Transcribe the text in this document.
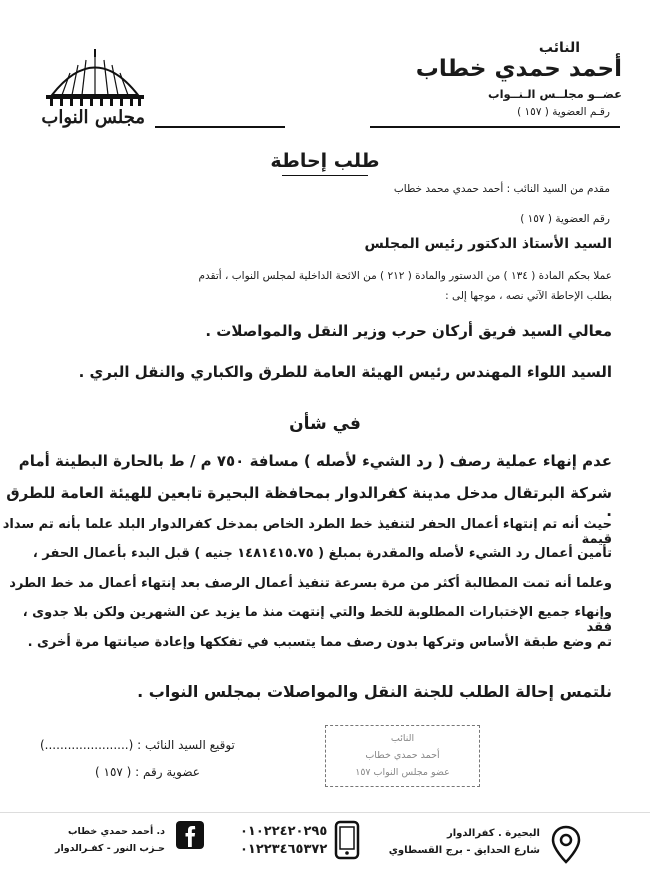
النائب
أحمد حمدي خطاب
عضــو مجلــس الـنــواب
رقـم العضوية ( ١٥٧ )
مجلس النواب
طلب إحاطة
مقدم من السيد النائب : أحمد حمدي محمد خطاب
رقم العضوية ( ١٥٧ )
السيد الأستاذ الدكتور رئيس المجلس
عملا بحكم المادة ( ١٣٤ ) من الدستور والمادة ( ٢١٢ ) من الائحة الداخلية لمجلس النواب ، أتقدم
بطلب الإحاطة الآتي نصه ، موجها إلى :
معالي السيد فريق أركان حرب وزير النقل والمواصلات .
السيد اللواء المهندس رئيس الهيئة العامة للطرق والكباري والنقل البري .
في شأن
عدم إنهاء عملية رصف ( رد الشيء لأصله ) مسافة ٧٥٠ م / ط بالحارة البطينة أمام
شركة البرتقال مدخل مدينة كفرالدوار بمحافظة البحيرة تابعين للهيئة العامة للطرق .
حيث أنه تم إنتهاء أعمال الحفر لتنفيذ خط الطرد الخاص بمدخل كفرالدوار البلد علما بأنه تم سداد قيمة
تأمين أعمال رد الشيء لأصله والمقدرة بمبلغ ( ١٤٨١٤١٥.٧٥ جنيه ) قبل البدء بأعمال الحفر ،
وعلما أنه تمت المطالبة أكثر من مرة بسرعة تنفيذ أعمال الرصف بعد إنتهاء أعمال مد خط الطرد
وإنهاء جميع الإختبارات المطلوبة للخط والتي إنتهت منذ ما يزيد عن الشهرين ولكن بلا جدوى ، فقد
تم وضع طبقة الأساس وتركها بدون رصف مما يتسبب في تفككها وإعادة صيانتها مرة أخرى .
نلتمس إحالة الطلب للجنة النقل والمواصلات بمجلس النواب .
توقيع السيد النائب : (......................)
عضوية رقم : ( ١٥٧ )
النائب
أحمد حمدي خطاب
عضو مجلس النواب ١٥٧
البحيرة . كفرالدوار
شارع الحدايق - برج القسطاوي
٠١٠٢٢٤٢٠٢٩٥
٠١٢٢٣٤٦٥٣٧٢
د. أحمد حمدي خطاب
حـزب النور - كفـرالدوار
